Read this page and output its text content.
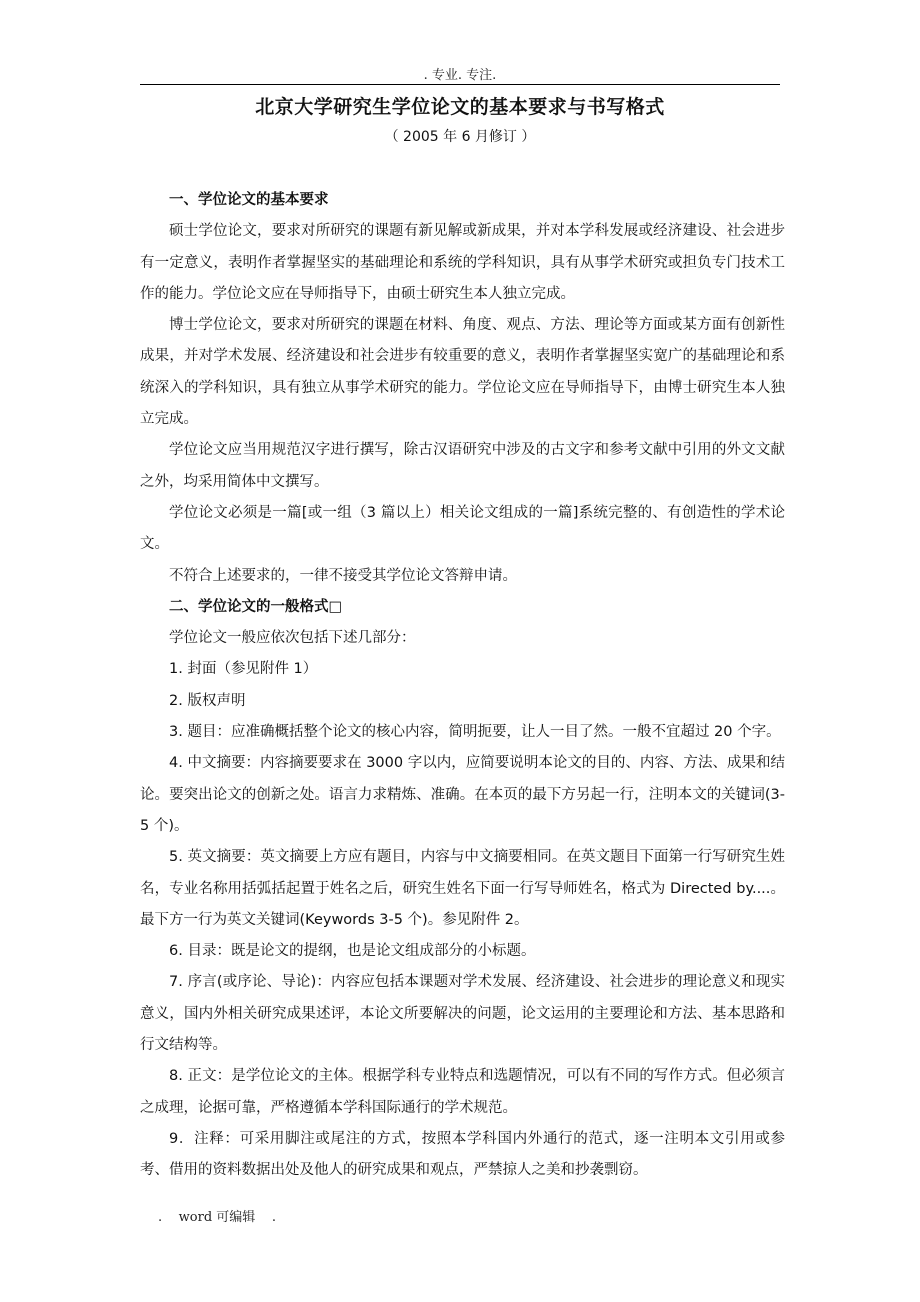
. 专业. 专注.
北京大学研究生学位论文的基本要求与书写格式
（ 2005 年 6 月修订 ）

一、学位论文的基本要求

硕士学位论文，要求对所研究的课题有新见解或新成果，并对本学科发展或经济建设、社会进步有一定意义，表明作者掌握坚实的基础理论和系统的学科知识，具有从事学术研究或担负专门技术工作的能力。学位论文应在导师指导下，由硕士研究生本人独立完成。

博士学位论文，要求对所研究的课题在材料、角度、观点、方法、理论等方面或某方面有创新性成果，并对学术发展、经济建设和社会进步有较重要的意义，表明作者掌握坚实宽广的基础理论和系统深入的学科知识，具有独立从事学术研究的能力。学位论文应在导师指导下，由博士研究生本人独立完成。

学位论文应当用规范汉字进行撰写，除古汉语研究中涉及的古文字和参考文献中引用的外文文献之外，均采用简体中文撰写。

学位论文必须是一篇[或一组（3 篇以上）相关论文组成的一篇]系统完整的、有创造性的学术论文。

不符合上述要求的，一律不接受其学位论文答辩申请。

二、学位论文的一般格式□

学位论文一般应依次包括下述几部分：

1. 封面（参见附件 1）

2. 版权声明

3. 题目：应准确概括整个论文的核心内容，简明扼要，让人一目了然。一般不宜超过 20 个字。

4. 中文摘要：内容摘要要求在 3000 字以内，应简要说明本论文的目的、内容、方法、成果和结论。要突出论文的创新之处。语言力求精炼、准确。在本页的最下方另起一行，注明本文的关键词(3-5 个)。

5. 英文摘要：英文摘要上方应有题目，内容与中文摘要相同。在英文题目下面第一行写研究生姓名，专业名称用括弧括起置于姓名之后，研究生姓名下面一行写导师姓名，格式为 Directed by....。最下方一行为英文关键词(Keywords 3-5 个)。参见附件 2。

6. 目录：既是论文的提纲，也是论文组成部分的小标题。

7. 序言(或序论、导论)：内容应包括本课题对学术发展、经济建设、社会进步的理论意义和现实意义，国内外相关研究成果述评，本论文所要解决的问题，论文运用的主要理论和方法、基本思路和行文结构等。

8. 正文：是学位论文的主体。根据学科专业特点和选题情况，可以有不同的写作方式。但必须言之成理，论据可靠，严格遵循本学科国际通行的学术规范。

9．注释：可采用脚注或尾注的方式，按照本学科国内外通行的范式，逐一注明本文引用或参考、借用的资料数据出处及他人的研究成果和观点，严禁掠人之美和抄袭剽窃。

.    word 可编辑    .
